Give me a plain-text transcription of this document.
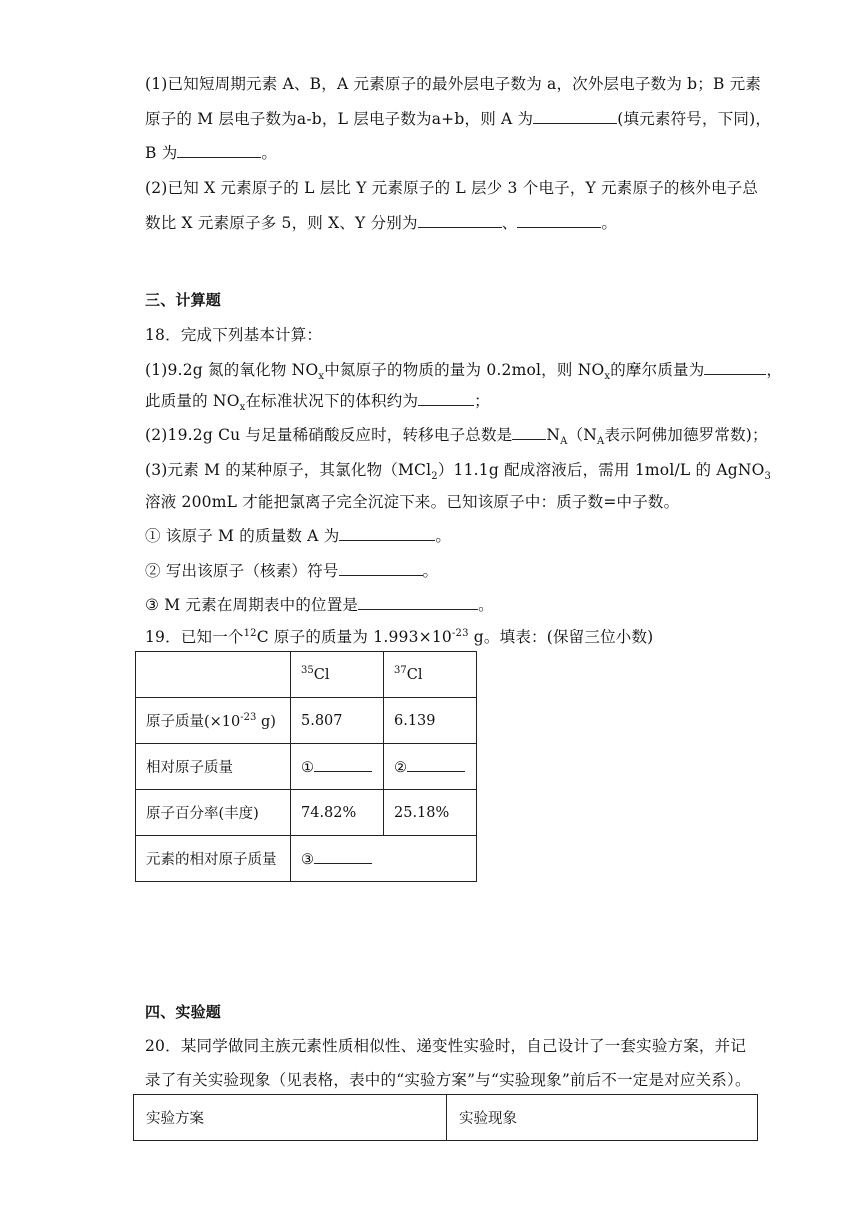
(1)已知短周期元素 A、B，A 元素原子的最外层电子数为 a，次外层电子数为 b；B 元素
原子的 M 层电子数为a-b，L 层电子数为a+b，则 A 为	(填元素符号，下同)，
B 为	。
(2)已知 X 元素原子的 L 层比 Y 元素原子的 L 层少 3 个电子，Y 元素原子的核外电子总
数比 X 元素原子多 5，则 X、Y 分别为	、	。
三、计算题
18．完成下列基本计算：
(1)9.2g 氮的氧化物 $NO_x$中氮原子的物质的量为 0.2mol，则 $NO_x$的摩尔质量为	，
此质量的 $NO_x$在标准状况下的体积约为	；
(2)19.2g Cu 与足量稀硝酸反应时，转移电子总数是 $N_A(N_A$表示阿佛加德罗常数)；
(3)元素 M 的某种原子，其氯化物（MCl$_2$）11.1g 配成溶液后，需用 1mol/L 的 AgNO$_3$
溶液 200mL 才能把氯离子完全沉淀下来。已知该原子中：质子数=中子数。
① 该原子 M 的质量数 A 为	。
② 写出该原子（核素）符号	。
③ M 元素在周期表中的位置是	。
19．已知一个$^{12}$C 原子的质量为 $1.993\times 10^{-23}$ g。填表：(保留三位小数)
	$^{35}$Cl	$^{37}$Cl
原子质量($\times 10^{-23}$ g)	5.807	6.139
相对原子质量	①	②
原子百分率(丰度)	74.82%	25.18%
元素的相对原子质量	③	
四、实验题
20．某同学做同主族元素性质相似性、递变性实验时，自己设计了一套实验方案，并记
录了有关实验现象（见表格，表中的“实验方案”与“实验现象”前后不一定是对应关系）。
实验方案	实验现象
